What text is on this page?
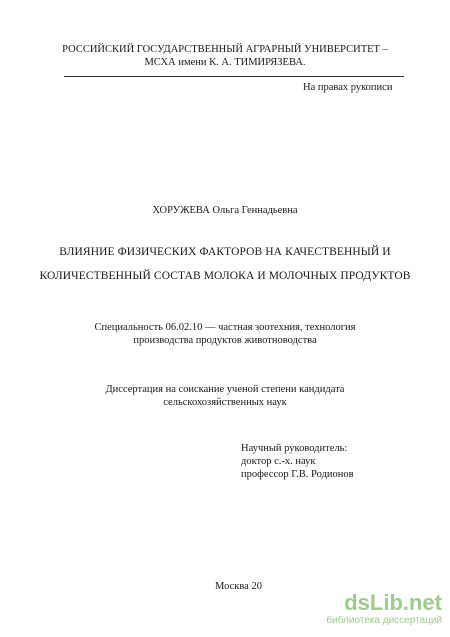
РОССИЙСКИЙ ГОСУДАРСТВЕННЫЙ АГРАРНЫЙ УНИВЕРСИТЕТ –
МСХА имени К. А. ТИМИРЯЗЕВА.
На правах рукописи
ХОРУЖЕВА Ольга Геннадьевна
ВЛИЯНИЕ ФИЗИЧЕСКИХ ФАКТОРОВ НА КАЧЕСТВЕННЫЙ И
КОЛИЧЕСТВЕННЫЙ СОСТАВ МОЛОКА И МОЛОЧНЫХ ПРОДУКТОВ
Специальность 06.02.10 — частная зоотехния, технология
производства продуктов животноводства
Диссертация на соискание ученой степени кандидата
сельскохозяйственных наук
Научный руководитель:
доктор с.-х. наук
профессор Г.В. Родионов
Москва 20
dsLib.net
библиотека диссертаций
